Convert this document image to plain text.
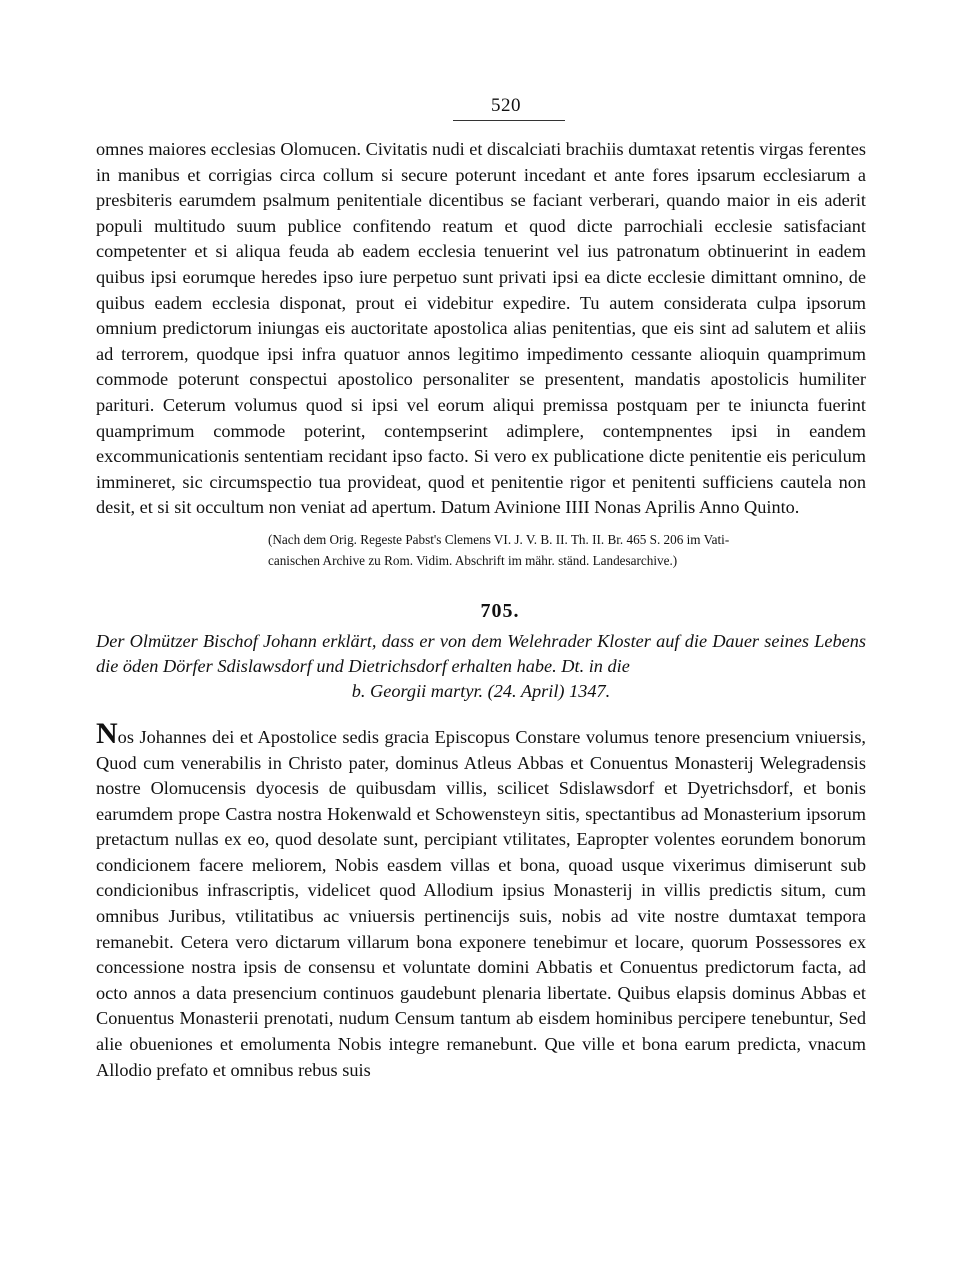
520

omnes maiores ecclesias Olomucen. Civitatis nudi et discalciati brachiis dumtaxat retentis virgas ferentes in manibus et corrigias circa collum si secure poterunt incedant et ante fores ipsarum ecclesiarum a presbiteris earumdem psalmum penitentiale dicentibus se faciant verberari, quando maior in eis aderit populi multitudo suum publice confitendo reatum et quod dicte parrochiali ecclesie satisfaciant competenter et si aliqua feuda ab eadem ecclesia tenuerint vel ius patronatum obtinuerint in eadem quibus ipsi eorumque heredes ipso iure perpetuo sunt privati ipsi ea dicte ecclesie dimittant omnino, de quibus eadem ecclesia disponat, prout ei videbitur expedire. Tu autem considerata culpa ipsorum omnium predictorum iniungas eis auctoritate apostolica alias penitentias, que eis sint ad salutem et aliis ad terrorem, quodque ipsi infra quatuor annos legitimo impedimento cessante alioquin quamprimum commode poterunt conspectui apostolico personaliter se presentent, mandatis apostolicis humiliter parituri. Ceterum volumus quod si ipsi vel eorum aliqui premissa postquam per te iniuncta fuerint quamprimum commode poterint, contempserint adimplere, contempnentes ipsi in eandem excommunicationis sententiam recidant ipso facto. Si vero ex publicatione dicte penitentie eis periculum immineret, sic circumspectio tua provideat, quod et penitentie rigor et penitenti sufficiens cautela non desit, et si sit occultum non veniat ad apertum. Datum Avinione IIII Nonas Aprilis Anno Quinto.

(Nach dem Orig. Regeste Pabst's Clemens VI. J. V. B. II. Th. II. Br. 465 S. 206 im Vati-
canischen Archive zu Rom. Vidim. Abschrift im mähr. ständ. Landesarchive.)
705.

Der Olmützer Bischof Johann erklärt, dass er von dem Welehrader Kloster auf die Dauer seines Lebens die öden Dörfer Sdislawsdorf und Dietrichsdorf erhalten habe. Dt. in die
b. Georgii martyr. (24. April) 1347.

Nos Johannes dei et Apostolice sedis gracia Episcopus Constare volumus tenore presencium vniuersis, Quod cum venerabilis in Christo pater, dominus Atleus Abbas et Conuentus Monasterij Welegradensis nostre Olomucensis dyocesis de quibusdam villis, scilicet Sdislawsdorf et Dyetrichsdorf, et bonis earumdem prope Castra nostra Hokenwald et Schowensteyn sitis, spectantibus ad Monasterium ipsorum pretactum nullas ex eo, quod desolate sunt, percipiant vtilitates, Eapropter volentes eorundem bonorum condicionem facere meliorem, Nobis easdem villas et bona, quoad usque vixerimus dimiserunt sub condicionibus infrascriptis, videlicet quod Allodium ipsius Monasterij in villis predictis situm, cum omnibus Juribus, vtilitatibus ac vniuersis pertinencijs suis, nobis ad vite nostre dumtaxat tempora remanebit. Cetera vero dictarum villarum bona exponere tenebimur et locare, quorum Possessores ex concessione nostra ipsis de consensu et voluntate domini Abbatis et Conuentus predictorum facta, ad octo annos a data presencium continuos gaudebunt plenaria libertate. Quibus elapsis dominus Abbas et Conuentus Monasterii prenotati, nudum Censum tantum ab eisdem hominibus percipere tenebuntur, Sed alie obueniones et emolumenta Nobis integre remanebunt. Que ville et bona earum predicta, vnacum Allodio prefato et omnibus rebus suis
